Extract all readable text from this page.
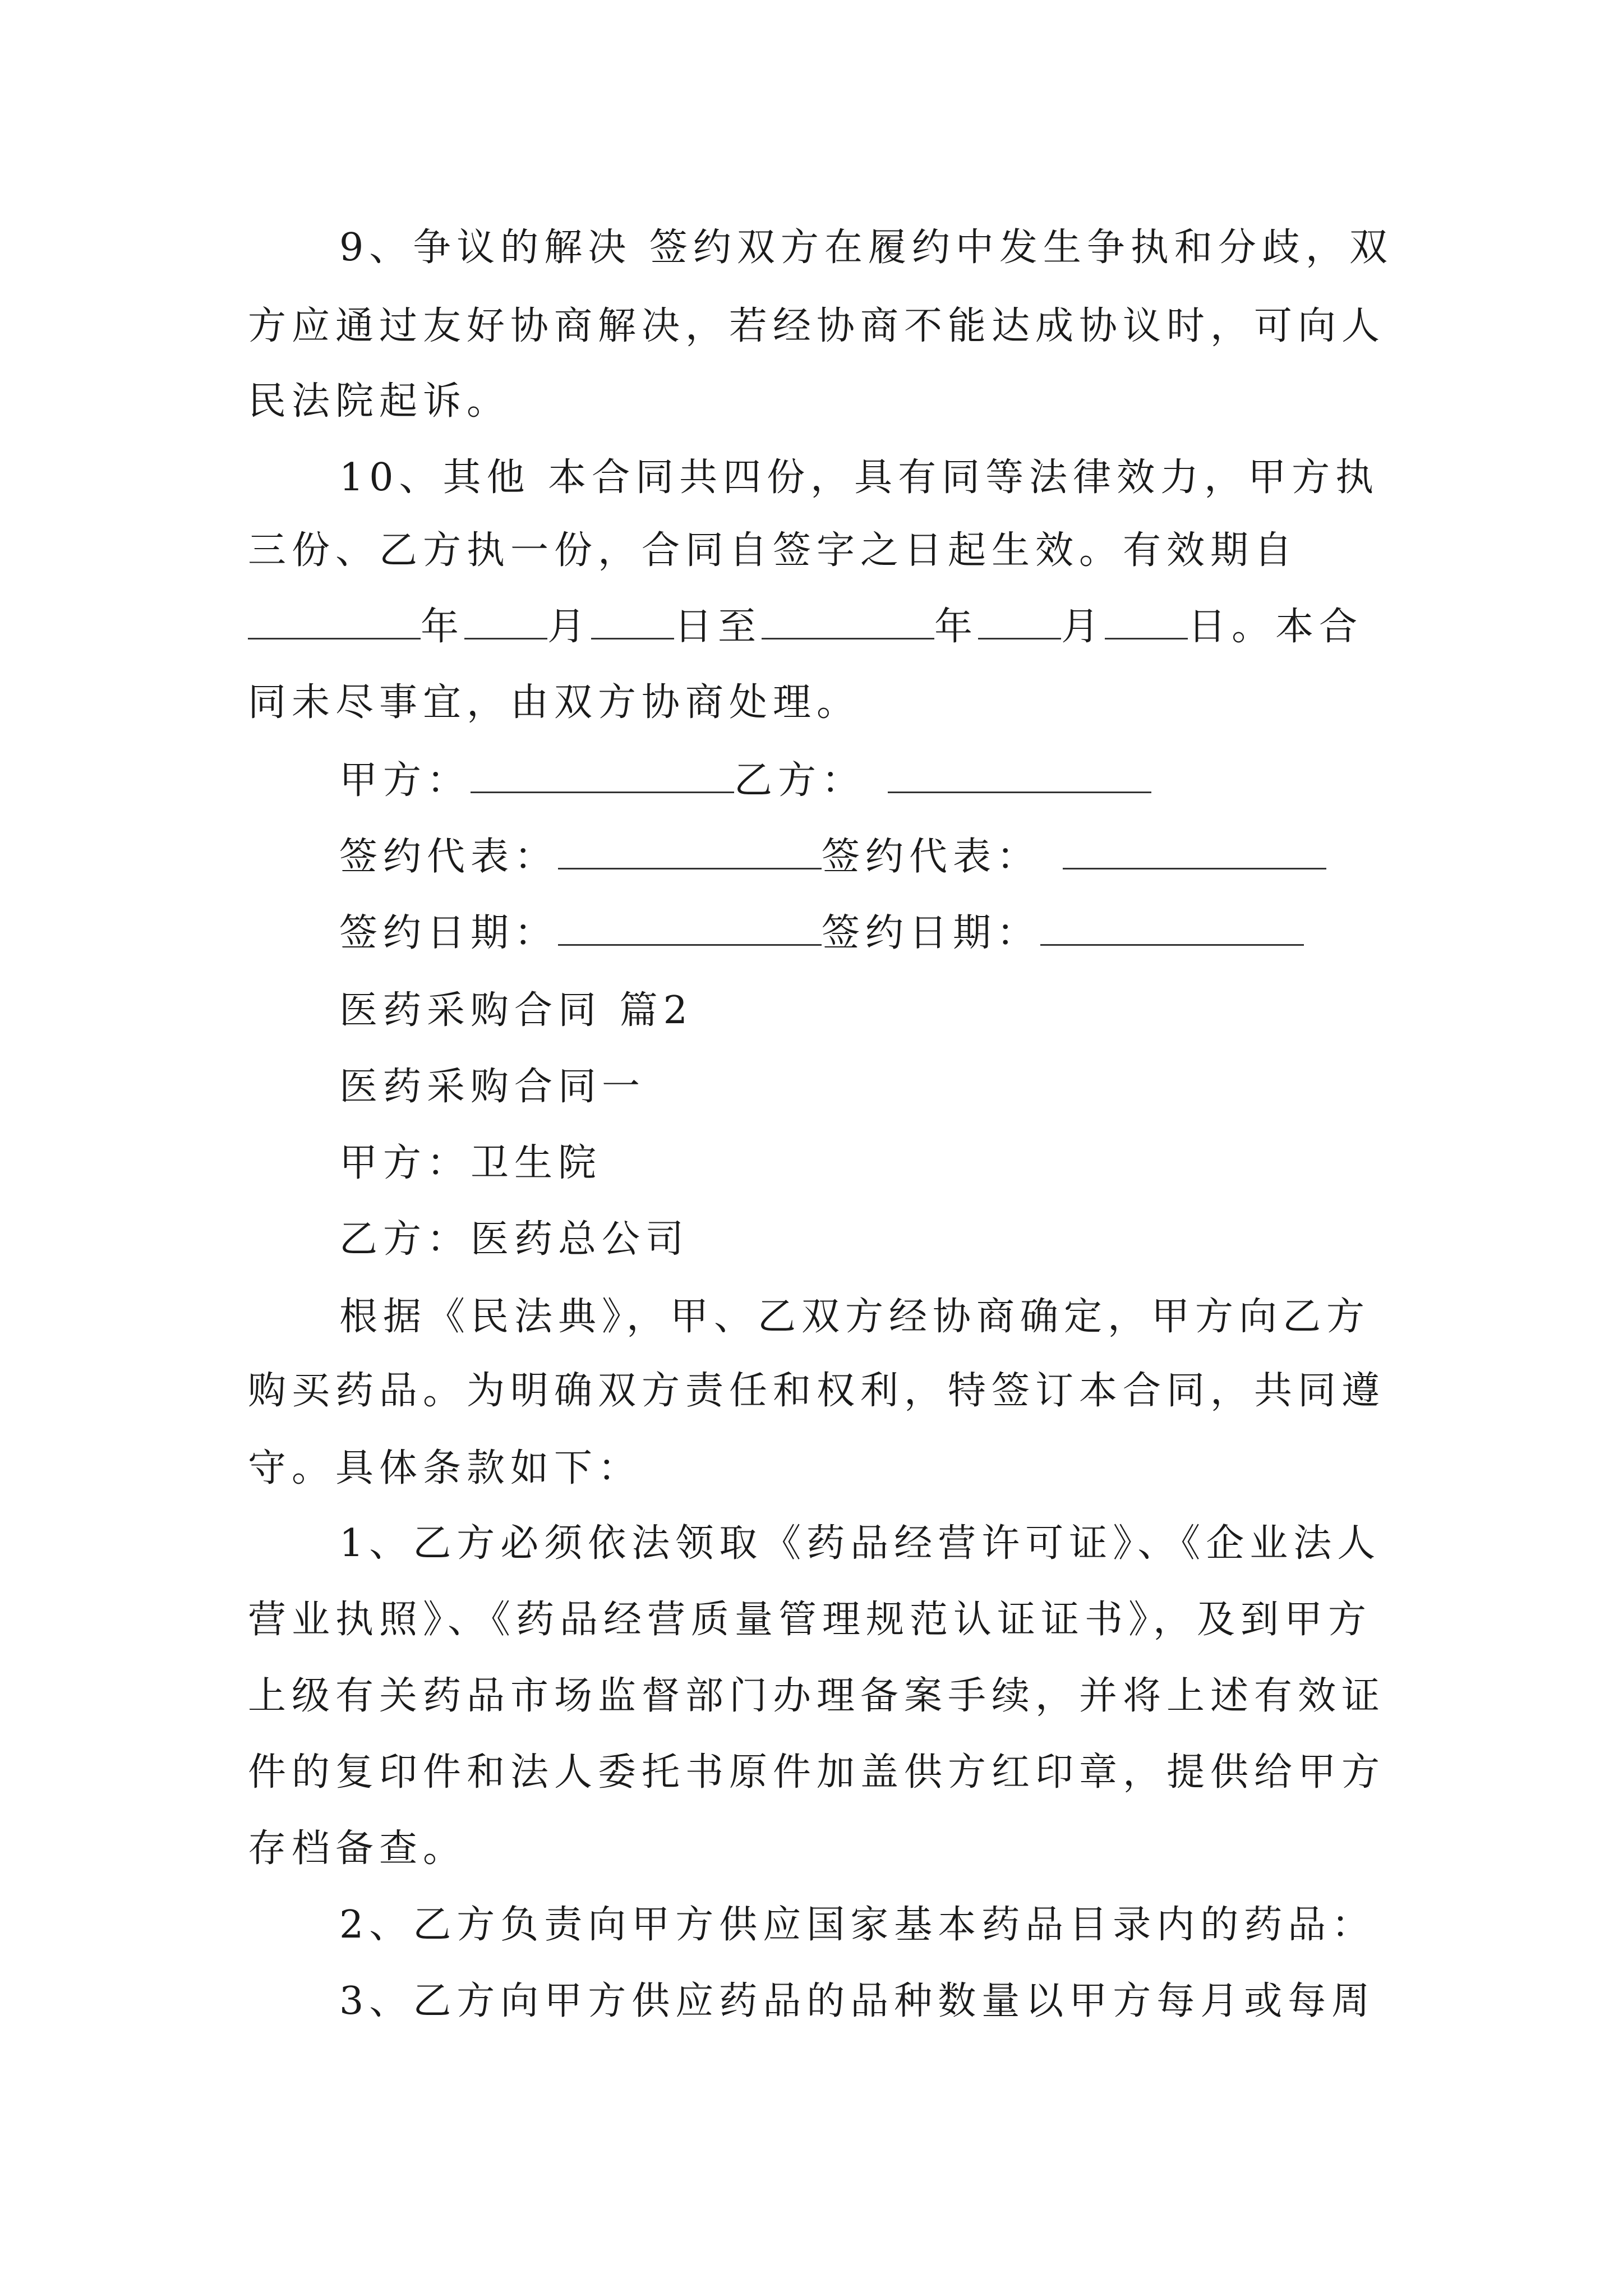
9、争议的解决 签约双方在履约中发生争执和分歧，双
方应通过友好协商解决，若经协商不能达成协议时，可向人
民法院起诉。
10、其他 本合同共四份，具有同等法律效力，甲方执
三份、乙方执一份，合同自签字之日起生效。有效期自
年 月 日至	年 月 日。本合
同未尽事宜，由双方协商处理。
甲方：	乙方：
签约代表：	签约代表：
签约日期：	签约日期：
医药采购合同 篇2
医药采购合同一
甲方：卫生院
乙方：医药总公司
根据《民法典》，甲、乙双方经协商确定，甲方向乙方
购买药品。为明确双方责任和权利，特签订本合同，共同遵
守。具体条款如下：
1、乙方必须依法领取《药品经营许可证》、《企业法人
营业执照》、《药品经营质量管理规范认证证书》，及到甲方
上级有关药品市场监督部门办理备案手续，并将上述有效证
件的复印件和法人委托书原件加盖供方红印章，提供给甲方
存档备查。
2、乙方负责向甲方供应国家基本药品目录内的药品：
3、乙方向甲方供应药品的品种数量以甲方每月或每周
